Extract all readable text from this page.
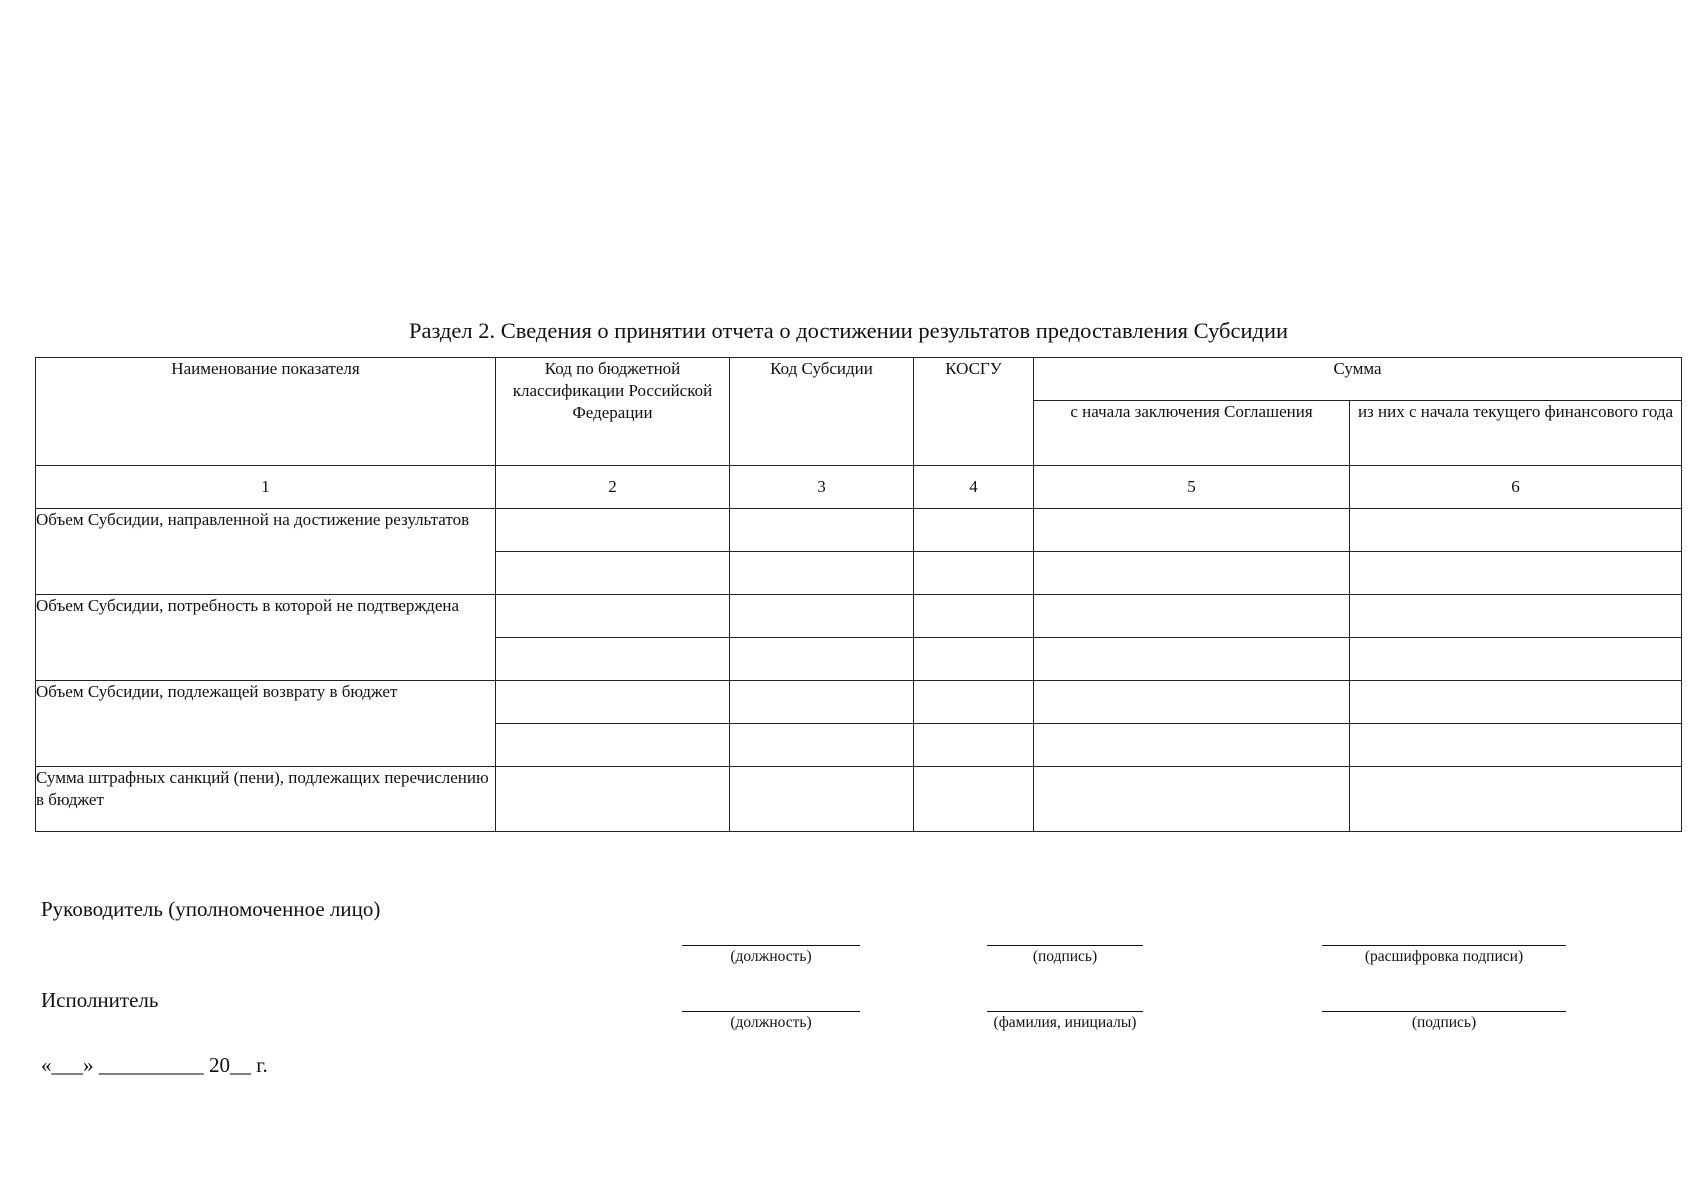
Раздел 2. Сведения о принятии отчета о достижении результатов предоставления Субсидии
Наименование показателя	Код по бюджетной классификации Российской Федерации	Код Субсидии	КОСГУ	Сумма	
				с начала заключения Соглашения	из них с начала текущего финансового года
1	2	3	4	5	6
Объем Субсидии, направленной на достижение результатов					

Объем Субсидии, потребность в которой не подтверждена					

Объем Субсидии, подлежащей возврату в бюджет					

Сумма штрафных санкций (пени), подлежащих перечислению в бюджет					
Руководитель (уполномоченное лицо)
(должность)	(подпись)	(расшифровка подписи)
Исполнитель
(должность)	(фамилия, инициалы)	(подпись)
«___» __________ 20__ г.
